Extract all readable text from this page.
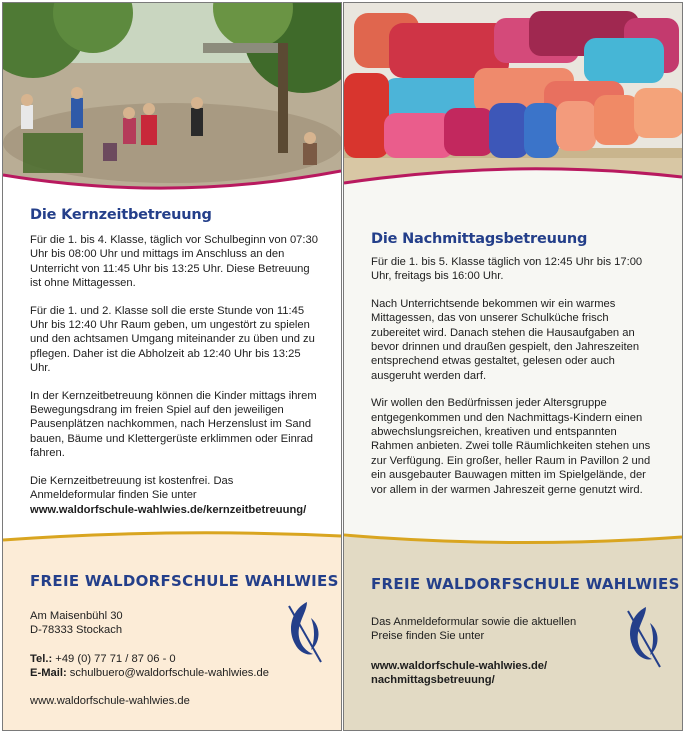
Die Kernzeitbetreuung

Für die 1. bis 4. Klasse, täglich vor Schulbeginn von 07:30 Uhr bis 08:00 Uhr und mittags im Anschluss an den Unterricht von 11:45 Uhr bis 13:25 Uhr. Diese Betreuung ist ohne Mittagessen.

Für die 1. und 2. Klasse soll die erste Stunde von 11:45 Uhr bis 12:40 Uhr Raum geben, um ungestört zu spielen und den achtsamen Umgang miteinander zu üben und zu pflegen. Daher ist die Abholzeit ab 12:40 Uhr bis 13:25 Uhr.

In der Kernzeitbetreuung können die Kinder mittags ihrem Bewegungsdrang im freien Spiel auf den jeweiligen Pausenplätzen nachkommen, nach Herzenslust im Sand bauen, Bäume und Klettergerüste erklimmen oder Einrad fahren.

Die Kernzeitbetreuung ist kostenfrei. Das Anmeldeformular finden Sie unter

www.waldorfschule-wahlwies.de/kernzeitbetreuung/
FREIE WALDORFSCHULE WAHLWIES
Am Maisenbühl 30
D-78333 Stockach
Tel.: +49 (0) 77 71 / 87 06 - 0
E-Mail: schulbuero@waldorfschule-wahlwies.de
www.waldorfschule-wahlwies.de
Die Nachmittagsbetreuung

Für die 1. bis 5. Klasse täglich von 12:45 Uhr bis 17:00 Uhr, freitags bis 16:00 Uhr.

Nach Unterrichtsende bekommen wir ein warmes Mittagessen, das von unserer Schulküche frisch zubereitet wird. Danach stehen die Hausaufgaben an bevor drinnen und draußen gespielt, den Jahreszeiten entsprechend etwas gestaltet, gelesen oder auch ausgeruht werden darf.

Wir wollen den Bedürfnissen jeder Altersgruppe entgegenkommen und den Nachmittags-Kindern einen abwechslungsreichen, kreativen und entspannten Rahmen anbieten. Zwei tolle Räumlichkeiten stehen uns zur Verfügung. Ein großer, heller Raum in Pavillon 2 und ein ausgebauter Bauwagen mitten im Spielgelände, der vor allem in der warmen Jahreszeit gerne genutzt wird.

FREIE WALDORFSCHULE WAHLWIES
Das Anmeldeformular sowie die aktuellen Preise finden Sie unter
www.waldorfschule-wahlwies.de/
nachmittagsbetreuung/
